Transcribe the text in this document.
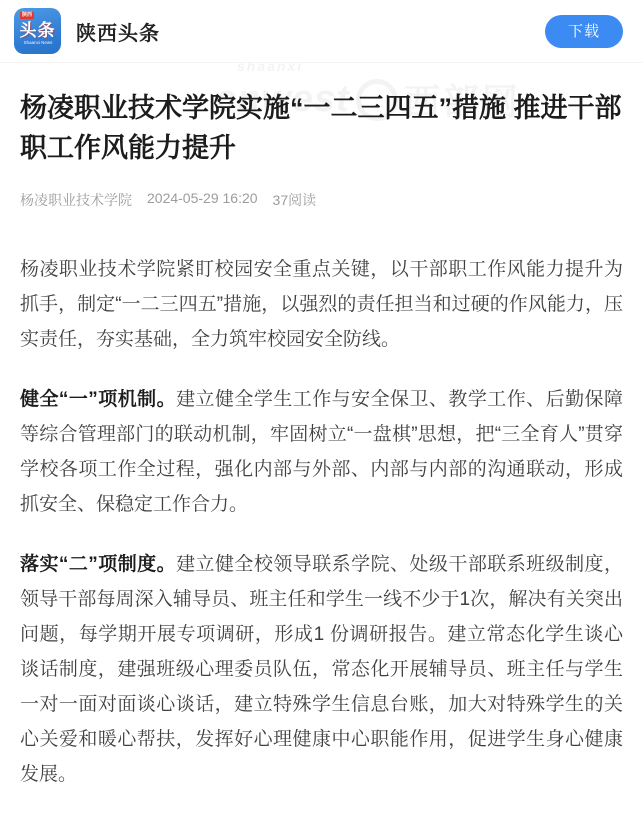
陕西
头条
Shaanxi News 陕西头条	下载
杨凌职业技术学院实施“一二三四五”措施 推进干部职工作风能力提升
杨凌职业技术学院 2024-05-29 16:20 37阅读

杨凌职业技术学院紧盯校园安全重点关键，以干部职工作风能力提升为抓手，制定“一二三四五”措施，以强烈的责任担当和过硬的作风能力，压实责任，夯实基础，全力筑牢校园安全防线。

健全“一”项机制。建立健全学生工作与安全保卫、教学工作、后勤保障等综合管理部门的联动机制，牢固树立“一盘棋”思想，把“三全育人”贯穿学校各项工作全过程，强化内部与外部、内部与内部的沟通联动，形成抓安全、保稳定工作合力。

落实“二”项制度。建立健全校领导联系学院、处级干部联系班级制度，领导干部每周深入辅导员、班主任和学生一线不少于1次，解决有关突出问题，每学期开展专项调研，形成1 份调研报告。建立常态化学生谈心谈话制度，建强班级心理委员队伍，常态化开展辅导员、班主任与学生一对一面对面谈心谈话，建立特殊学生信息台账，加大对特殊学生的关心关爱和暖心帮扶，发挥好心理健康中心职能作用，促进学生身心健康发展。
